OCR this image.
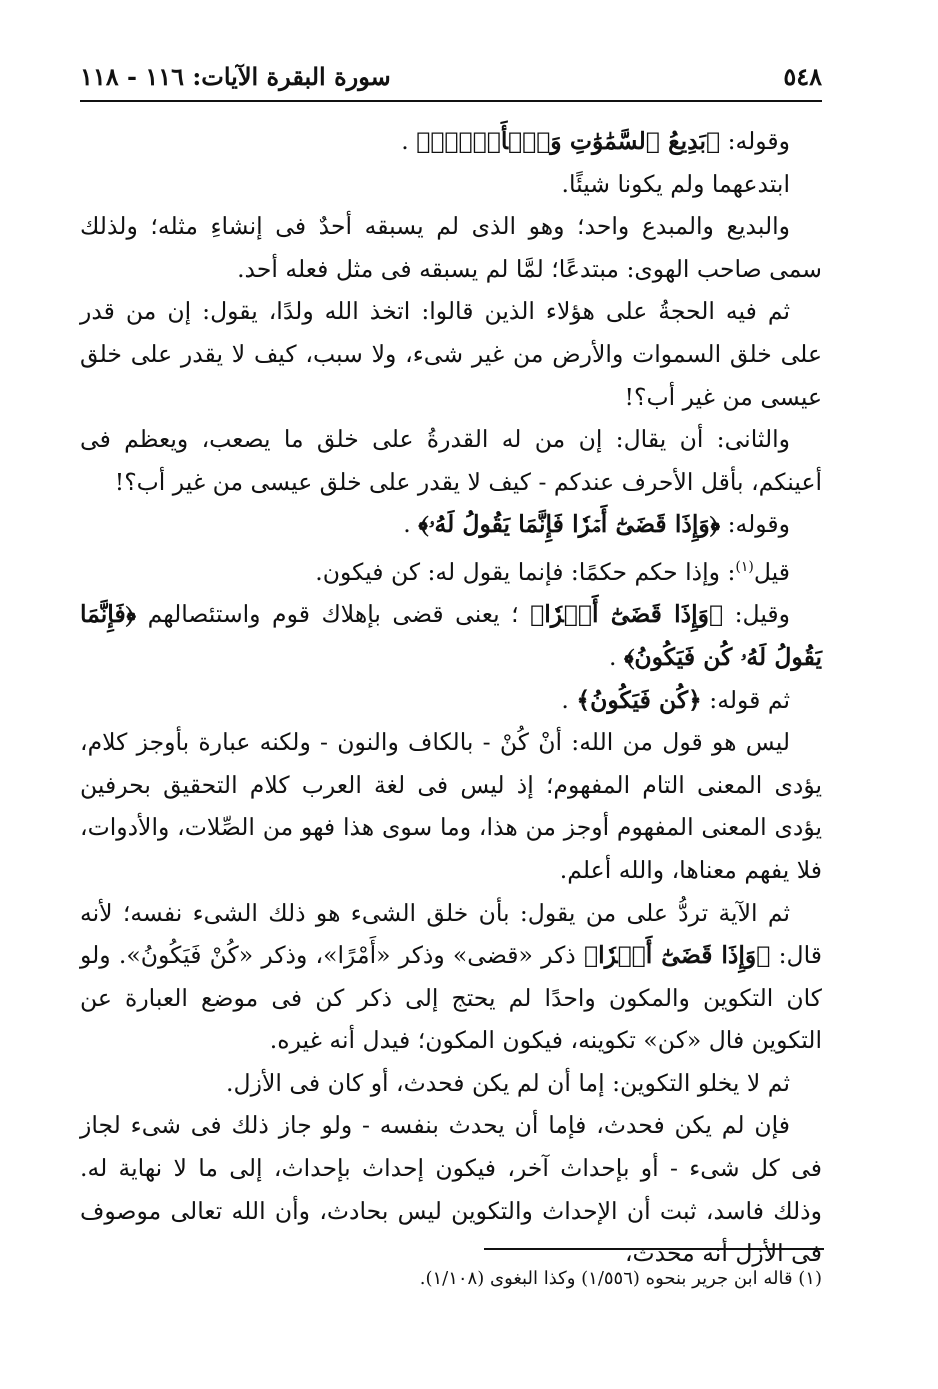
٥٤٨
سورة البقرة الآيات: ١١٦ - ١١٨

وقوله: ﴿بَدِيعُ ٱلسَّمَٰوَٰتِ وَٱلۡأَرۡضِۖ﴾ .

ابتدعهما ولم يكونا شيئًا.

والبديع والمبدع واحد؛ وهو الذى لم يسبقه أحدٌ فى إنشاءِ مثله؛ ولذلك سمى صاحب الهوى: مبتدعًا؛ لمَّا لم يسبقه فى مثل فعله أحد.

ثم فيه الحجةُ على هؤلاء الذين قالوا: اتخذ الله ولدًا، يقول: إن من قدر على خلق السموات والأرض من غير شىء، ولا سبب، كيف لا يقدر على خلق عيسى من غير أب؟!

والثانى: أن يقال: إن من له القدرةُ على خلق ما يصعب، ويعظم فى أعينكم، بأقل الأحرف عندكم - كيف لا يقدر على خلق عيسى من غير أب؟!

وقوله: ﴿وَإِذَا قَضَىٰٓ أَمۡرٗا فَإِنَّمَا يَقُولُ لَهُۥ﴾ .

قيل$^{(١)}$: وإذا حكم حكمًا: فإنما يقول له: كن فيكون.

وقيل: ﴿وَإِذَا قَضَىٰٓ أَمۡرٗا﴾ ؛ يعنى قضى بإهلاك قوم واستئصالهم ﴿فَإِنَّمَا يَقُولُ لَهُۥ كُن فَيَكُونُ﴾ .

ثم قوله: ﴿كُن فَيَكُونُ﴾ .

ليس هو قول من الله: أنْ كُنْ - بالكاف والنون - ولكنه عبارة بأوجز كلام، يؤدى المعنى التام المفهوم؛ إذ ليس فى لغة العرب كلام التحقيق بحرفين يؤدى المعنى المفهوم أوجز من هذا، وما سوى هذا فهو من الصِّلات، والأدوات، فلا يفهم معناها، والله أعلم.

ثم الآية تردُّ على من يقول: بأن خلق الشىء هو ذلك الشىء نفسه؛ لأنه قال: ﴿وَإِذَا قَضَىٰٓ أَمۡرٗا﴾ ذكر «قضى» وذكر «أَمْرًا»، وذكر «كُنْ فَيَكُونُ». ولو كان التكوين والمكون واحدًا لم يحتج إلى ذكر كن فى موضع العبارة عن التكوين فال «كن» تكوينه، فيكون المكون؛ فيدل أنه غيره.

ثم لا يخلو التكوين: إما أن لم يكن فحدث، أو كان فى الأزل.

فإن لم يكن فحدث، فإما أن يحدث بنفسه - ولو جاز ذلك فى شىء لجاز فى كل شىء - أو بإحداث آخر، فيكون إحداث بإحداث، إلى ما لا نهاية له. وذلك فاسد، ثبت أن الإحداث والتكوين ليس بحادث، وأن الله تعالى موصوف فى الأزل أنه محدث،

(١) قاله ابن جرير بنحوه (١/٥٥٦) وكذا البغوى (١/١٠٨).
